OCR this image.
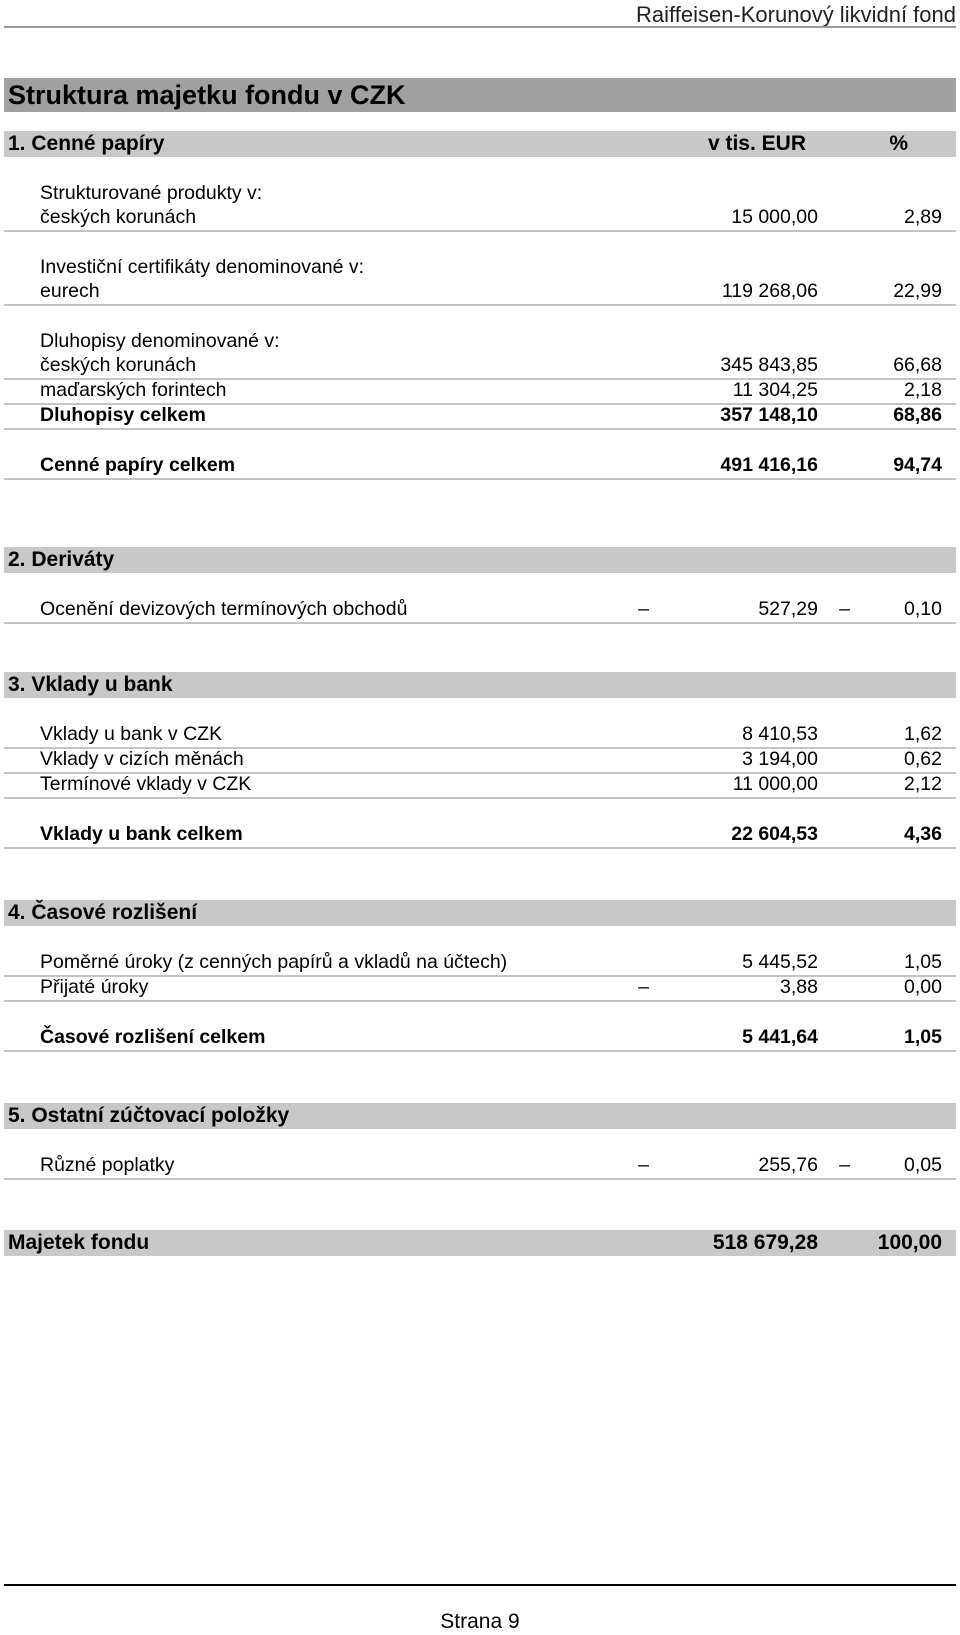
Raiffeisen-Korunový likvidní fond
Struktura majetku fondu v CZK
1. Cenné papíry	v tis. EUR	%
Strukturované produkty v:
českých korunách	15 000,00	2,89
Investiční certifikáty denominované v:
eurech	119 268,06	22,99
Dluhopisy denominované v:
českých korunách	345 843,85	66,68
maďarských forintech	11 304,25	2,18
Dluhopisy celkem	357 148,10	68,86
Cenné papíry celkem	491 416,16	94,74
2. Deriváty
Ocenění devizových termínových obchodů	–	527,29 –	0,10
3. Vklady u bank
Vklady u bank v CZK	8 410,53	1,62
Vklady v cizích měnách	3 194,00	0,62
Termínové vklady v CZK	11 000,00	2,12
Vklady u bank celkem	22 604,53	4,36
4. Časové rozlišení
Poměrné úroky (z cenných papírů a vkladů na účtech)	5 445,52	1,05
Přijaté úroky	–	3,88	0,00
Časové rozlišení celkem	5 441,64	1,05
5. Ostatní zúčtovací položky
Různé poplatky	–	255,76 –	0,05
Majetek fondu	518 679,28	100,00
Strana 9
